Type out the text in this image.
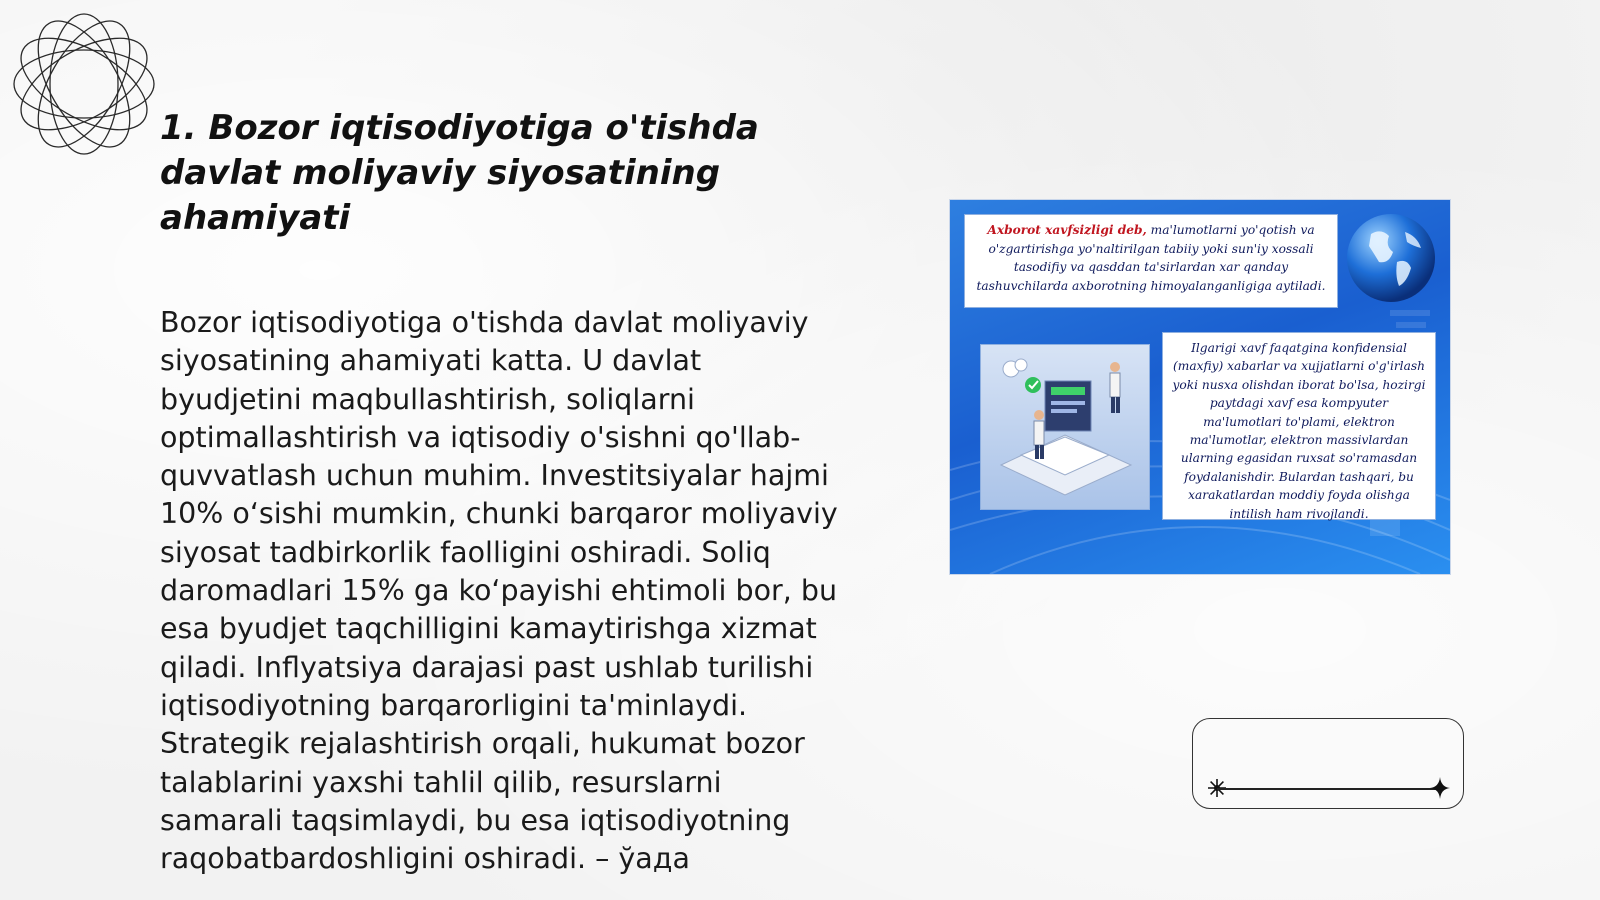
1. Bozor iqtisodiyotiga o'tishda davlat moliyaviy siyosatining ahamiyati

Bozor iqtisodiyotiga o'tishda davlat moliyaviy siyosatining ahamiyati katta. U davlat byudjetini maqbullashtirish, soliqlarni optimallashtirish va iqtisodiy o'sishni qo'llab-quvvatlash uchun muhim. Investitsiyalar hajmi 10% oʻsishi mumkin, chunki barqaror moliyaviy siyosat tadbirkorlik faolligini oshiradi. Soliq daromadlari 15% ga koʻpayishi ehtimoli bor, bu esa byudjet taqchilligini kamaytirishga xizmat qiladi. Inflyatsiya darajasi past ushlab turilishi iqtisodiyotning barqarorligini ta'minlaydi. Strategik rejalashtirish orqali, hukumat bozor talablarini yaxshi tahlil qilib, resurslarni samarali taqsimlaydi, bu esa iqtisodiyotning raqobatbardoshligini oshiradi. – ўада

Axborot xavfsizligi deb, ma'lumotlarni yo'qotish va o'zgartirishga yo'naltirilgan tabiiy yoki sun'iy xossali tasodifiy va qasddan ta'sirlardan xar qanday tashuvchilarda axborotning himoyalanganligiga aytiladi.
Ilgarigi xavf faqatgina konfidensial (maxfiy) xabarlar va xujjatlarni o'g'irlash yoki nusxa olishdan iborat bo'lsa, hozirgi paytdagi xavf esa kompyuter ma'lumotlari to'plami, elektron ma'lumotlar, elektron massivlardan ularning egasidan ruxsat so'ramasdan foydalanishdir. Bulardan tashqari, bu xarakatlardan moddiy foyda olishga intilish ham rivojlandi.
